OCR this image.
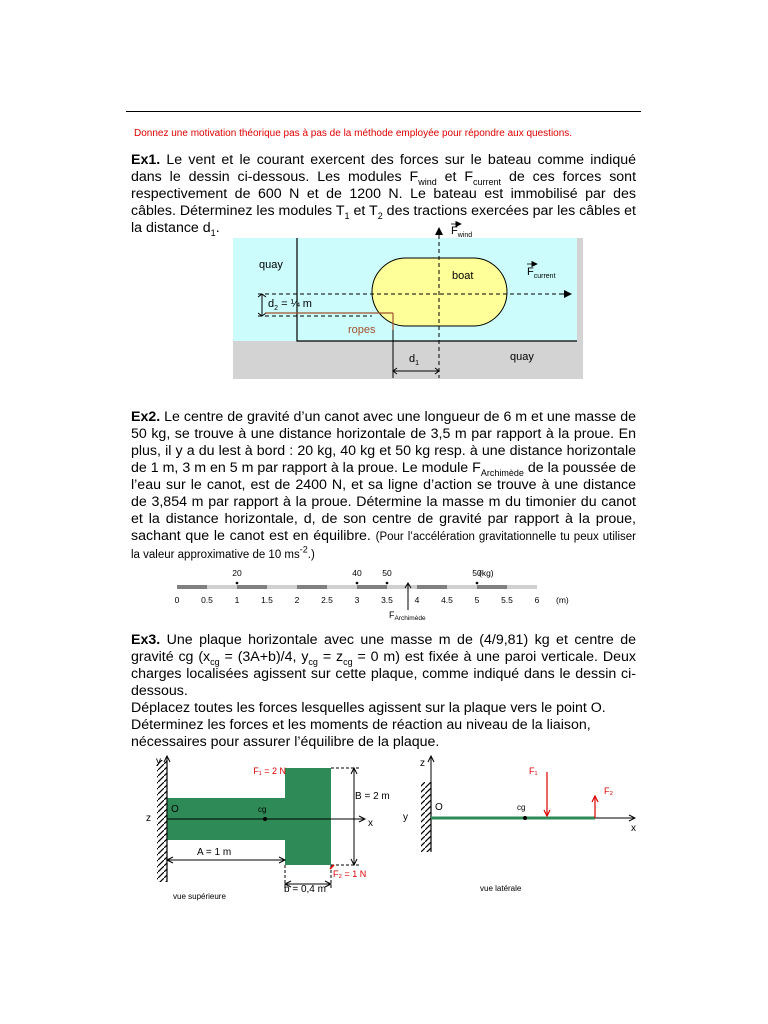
Donnez une motivation théorique pas à pas de la méthode employée pour répondre aux questions.
Ex1. Le vent et le courant exercent des forces sur le bateau comme indiqué dans le dessin ci-dessous. Les modules $F_{wind}$ et $F_{current}$ de ces forces sont respectivement de 600 N et de 1200 N. Le bateau est immobilisé par des câbles. Déterminez les modules $T_1$ et $T_2$ des tractions exercées par les câbles et la distance $d_1$.
quay
quay
boat
ropes
$d_2$ = ¼ m
$d_1$
$F_{wind}$
$F_{current}$
Ex2. Le centre de gravité d’un canot avec une longueur de 6 m et une masse de 50 kg, se trouve à une distance horizontale de 3,5 m par rapport à la proue. En plus, il y a du lest à bord : 20 kg, 40 kg et 50 kg resp. à une distance horizontale de 1 m, 3 m en 5 m par rapport à la proue. Le module $F_{Archimède}$ de la poussée de l’eau sur le canot, est de 2400 N, et sa ligne d’action se trouve à une distance de 3,854 m par rapport à la proue. Détermine la masse m du timonier du canot et la distance horizontale, d, de son centre de gravité par rapport à la proue, sachant que le canot est en équilibre. (Pour l’accélération gravitationnelle tu peux utiliser la valeur approximative de 10 $ms^{-2}$.)
0	0.5	1	1.5	2	2.5	3	3.5	4	4.5	5	5.5	6
20	40 50	50
(kg)
(m)
$F_{Archimède}$
Ex3. Une plaque horizontale avec une masse m de (4/9,81) kg et centre de gravité cg ($x_{cg} = (3A+b)/4$, $y_{cg} = z_{cg} = 0$ m) est fixée à une paroi verticale. Deux charges localisées agissent sur cette plaque, comme indiqué dans le dessin ci-dessous.
Déplacez toutes les forces lesquelles agissent sur la plaque vers le point O.
Déterminez les forces et les moments de réaction au niveau de la liaison, nécessaires pour assurer l’équilibre de la plaque.
F₁ = 2 N
F₂ = 1 N
y
z
O	cg
x
B = 2 m
A = 1 m
b = 0,4 m
vue supérieure
z
y
O	cg
x
F₁
F₂
vue latérale
